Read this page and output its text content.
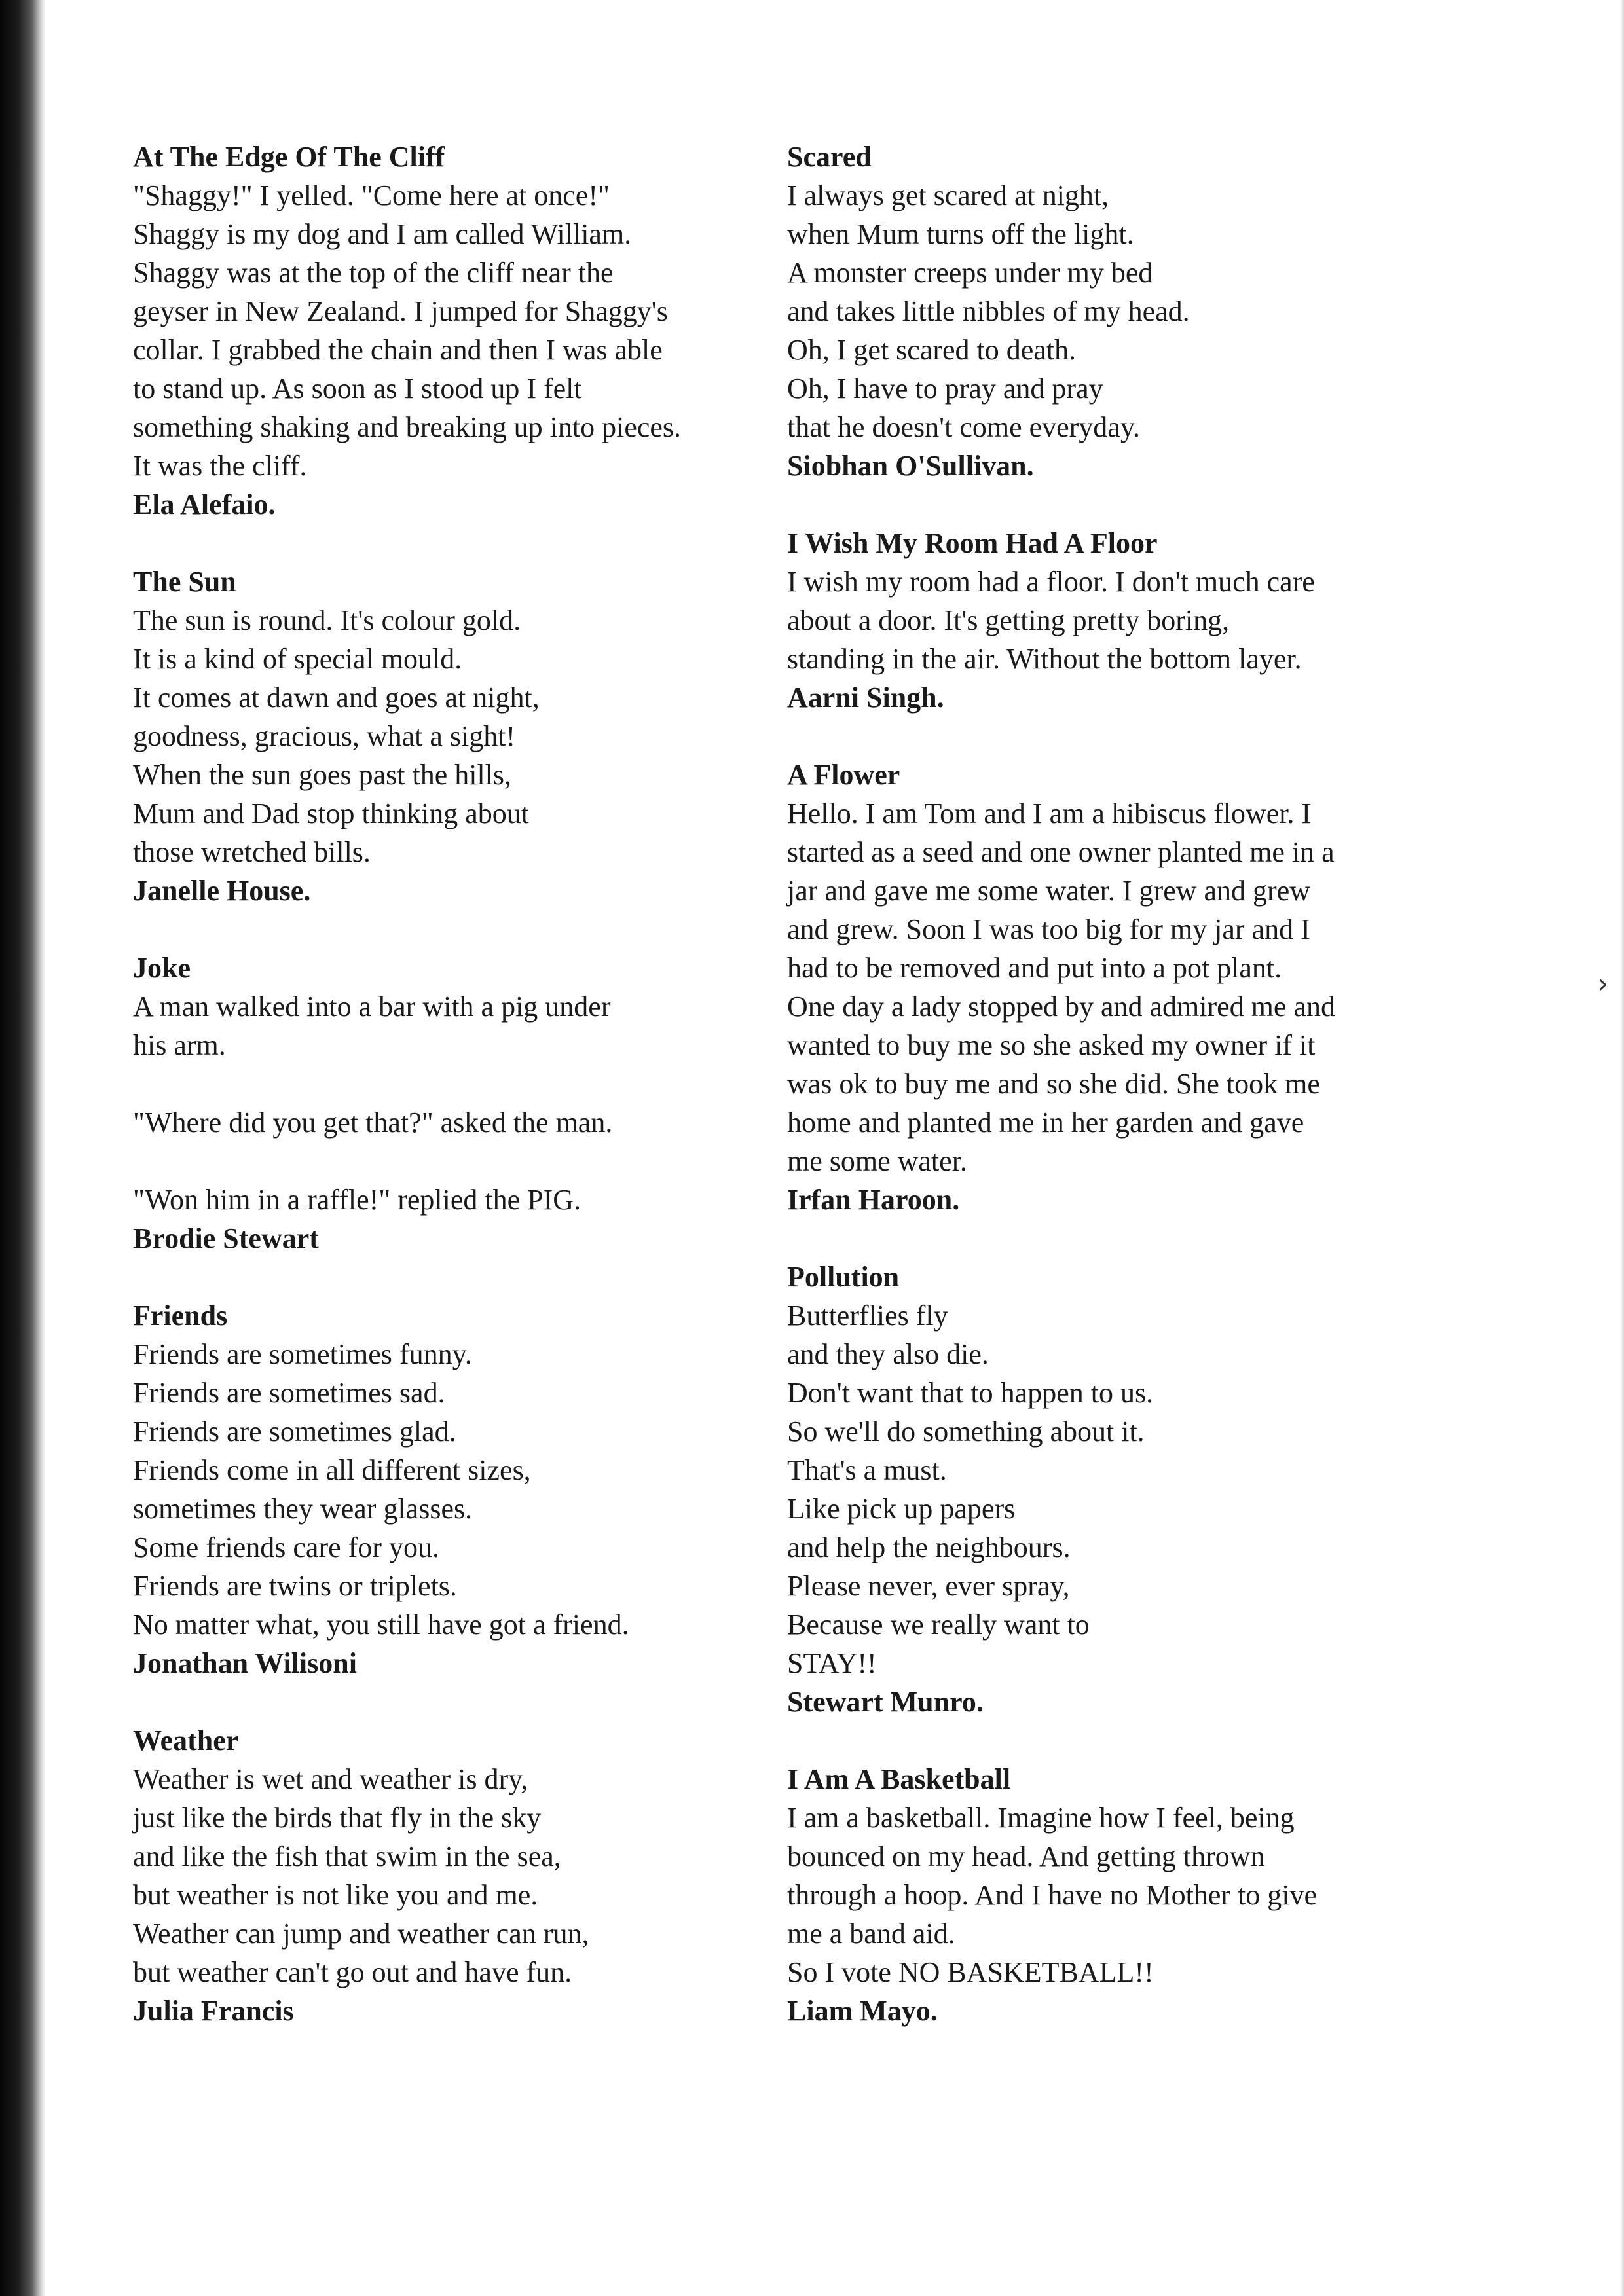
At The Edge Of The Cliff

"Shaggy!" I yelled. "Come here at once!"

Shaggy is my dog and I am called William.

Shaggy was at the top of the cliff near the

geyser in New Zealand. I jumped for Shaggy's

collar. I grabbed the chain and then I was able

to stand up. As soon as I stood up I felt

something shaking and breaking up into pieces.

It was the cliff.

Ela Alefaio.

The Sun

The sun is round. It's colour gold.

It is a kind of special mould.

It comes at dawn and goes at night,

goodness, gracious, what a sight!

When the sun goes past the hills,

Mum and Dad stop thinking about

those wretched bills.

Janelle House.

Joke

A man walked into a bar with a pig under

his arm.

"Where did you get that?" asked the man.

"Won him in a raffle!" replied the PIG.

Brodie Stewart

Friends

Friends are sometimes funny.

Friends are sometimes sad.

Friends are sometimes glad.

Friends come in all different sizes,

sometimes they wear glasses.

Some friends care for you.

Friends are twins or triplets.

No matter what, you still have got a friend.

Jonathan Wilisoni

Weather

Weather is wet and weather is dry,

just like the birds that fly in the sky

and like the fish that swim in the sea,

but weather is not like you and me.

Weather can jump and weather can run,

but weather can't go out and have fun.

Julia Francis

Scared

I always get scared at night,

when Mum turns off the light.

A monster creeps under my bed

and takes little nibbles of my head.

Oh, I get scared to death.

Oh, I have to pray and pray

that he doesn't come everyday.

Siobhan O'Sullivan.

I Wish My Room Had A Floor

I wish my room had a floor. I don't much care

about a door. It's getting pretty boring,

standing in the air. Without the bottom layer.

Aarni Singh.

A Flower

Hello. I am Tom and I am a hibiscus flower. I

started as a seed and one owner planted me in a

jar and gave me some water. I grew and grew

and grew. Soon I was too big for my jar and I

had to be removed and put into a pot plant.

One day a lady stopped by and admired me and

wanted to buy me so she asked my owner if it

was ok to buy me and so she did. She took me

home and planted me in her garden and gave

me some water.

Irfan Haroon.

Pollution

Butterflies fly

and they also die.

Don't want that to happen to us.

So we'll do something about it.

That's a must.

Like pick up papers

and help the neighbours.

Please never, ever spray,

Because we really want to

STAY!!

Stewart Munro.

I Am A Basketball

I am a basketball. Imagine how I feel, being

bounced on my head. And getting thrown

through a hoop. And I have no Mother to give

me a band aid.

So I vote NO BASKETBALL!!

Liam Mayo.

›
